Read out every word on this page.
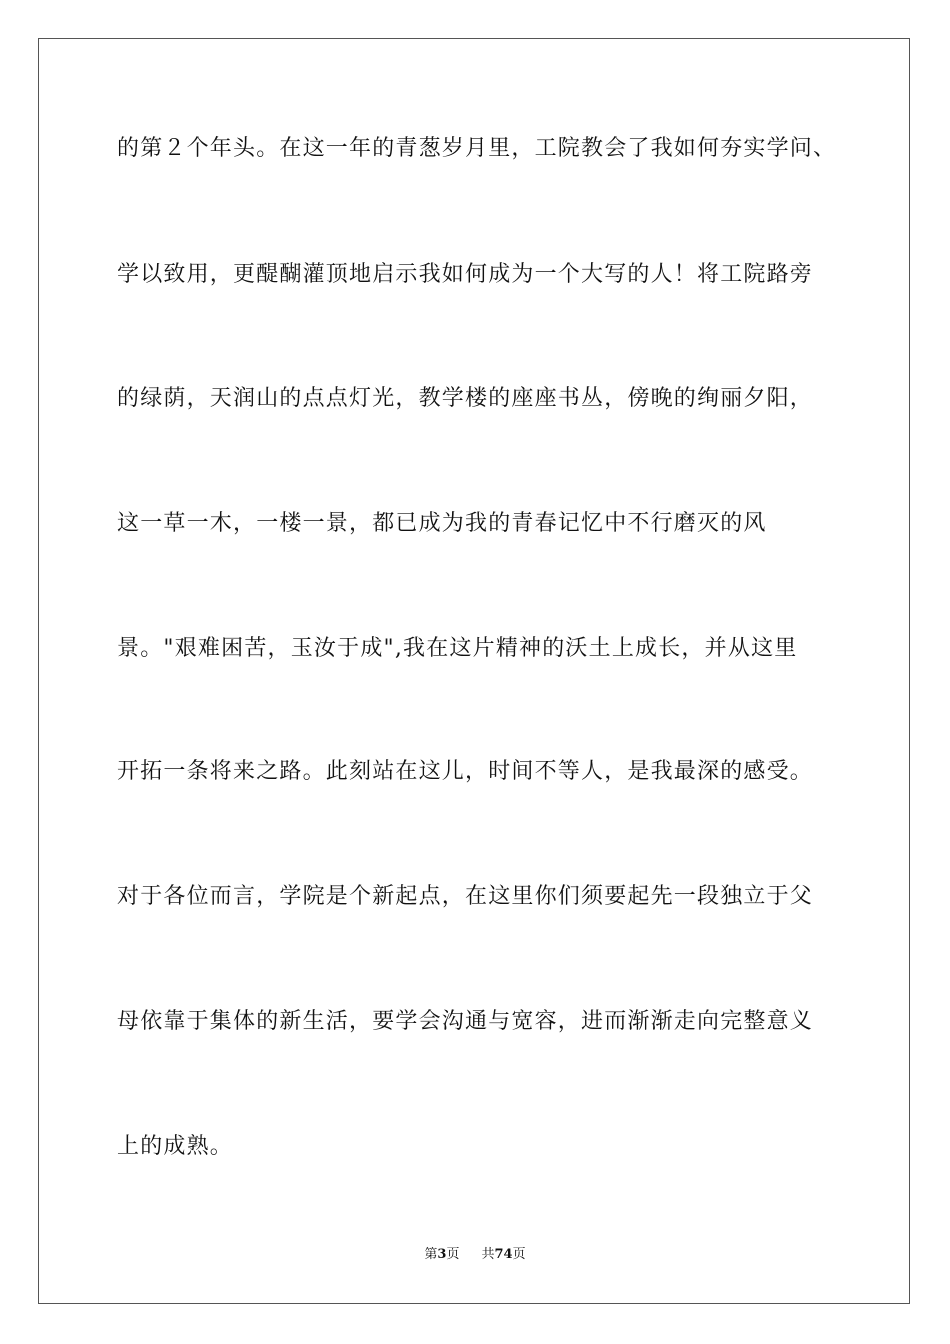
的第２个年头。在这一年的青葱岁月里，工院教会了我如何夯实学问、
学以致用，更醍醐灌顶地启示我如何成为一个大写的人！将工院路旁
的绿荫，天润山的点点灯光，教学楼的座座书丛，傍晚的绚丽夕阳，
这一草一木，一楼一景，都已成为我的青春记忆中不行磨灭的风
景。"艰难困苦，玉汝于成",我在这片精神的沃土上成长，并从这里
开拓一条将来之路。此刻站在这儿，时间不等人，是我最深的感受。
对于各位而言，学院是个新起点，在这里你们须要起先一段独立于父
母依靠于集体的新生活，要学会沟通与宽容，进而渐渐走向完整意义
上的成熟。
第3页 共74页
